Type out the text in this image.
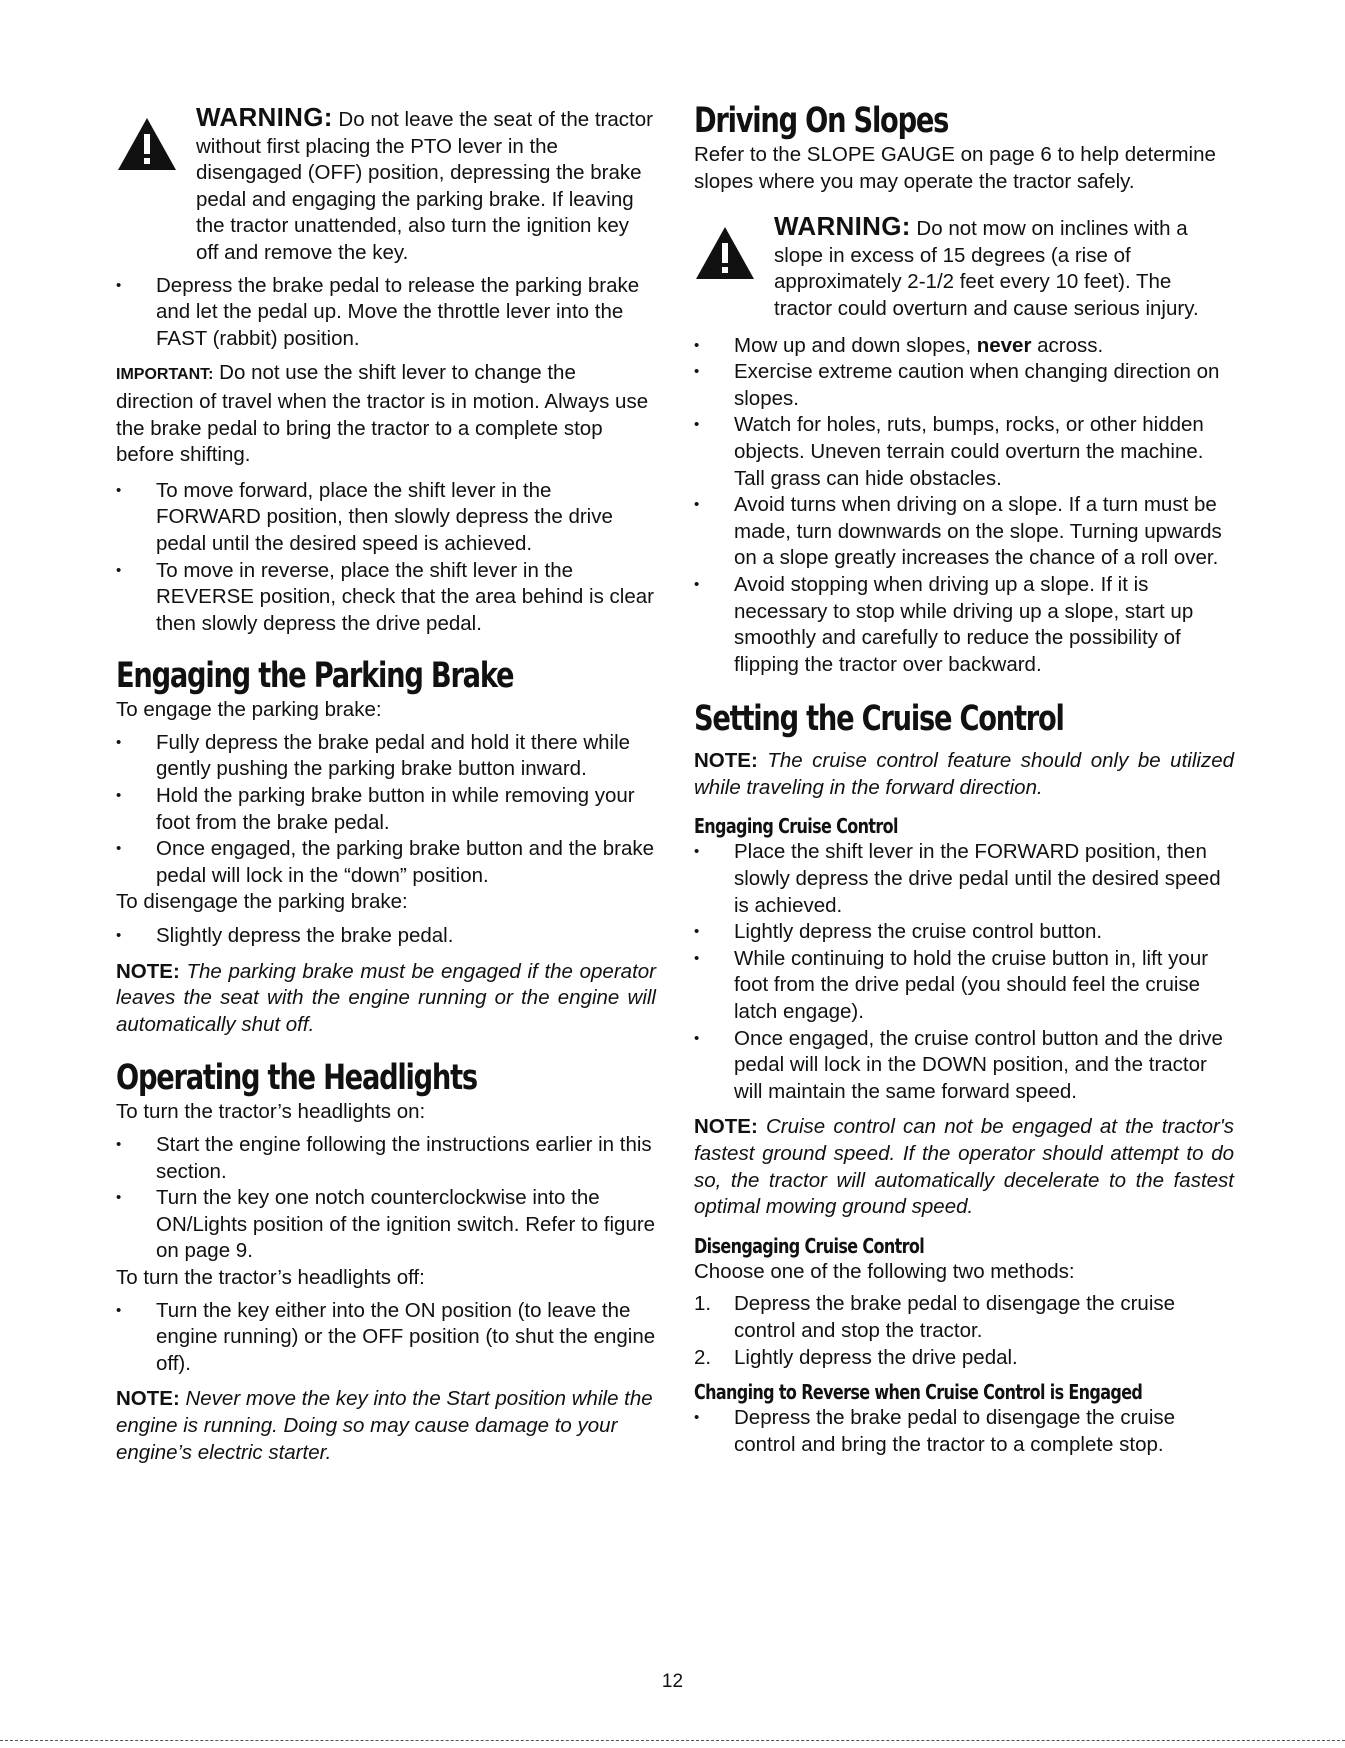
WARNING: Do not leave the seat of the tractor without first placing the PTO lever in the disengaged (OFF) position, depressing the brake pedal and engaging the parking brake. If leaving the tractor unattended, also turn the ignition key off and remove the key.

• Depress the brake pedal to release the parking brake and let the pedal up. Move the throttle lever into the FAST (rabbit) position.

IMPORTANT: Do not use the shift lever to change the direction of travel when the tractor is in motion. Always use the brake pedal to bring the tractor to a complete stop before shifting.

• To move forward, place the shift lever in the FORWARD position, then slowly depress the drive pedal until the desired speed is achieved.
• To move in reverse, place the shift lever in the REVERSE position, check that the area behind is clear then slowly depress the drive pedal.
Engaging the Parking Brake

To engage the parking brake:

• Fully depress the brake pedal and hold it there while gently pushing the parking brake button inward.
• Hold the parking brake button in while removing your foot from the brake pedal.
• Once engaged, the parking brake button and the brake pedal will lock in the “down” position.

To disengage the parking brake:

• Slightly depress the brake pedal.

NOTE: The parking brake must be engaged if the operator leaves the seat with the engine running or the engine will automatically shut off.

Operating the Headlights

To turn the tractor’s headlights on:

• Start the engine following the instructions earlier in this section.
• Turn the key one notch counterclockwise into the ON/Lights position of the ignition switch. Refer to figure on page 9.

To turn the tractor’s headlights off:

• Turn the key either into the ON position (to leave the engine running) or the OFF position (to shut the engine off).

NOTE: Never move the key into the Start position while the engine is running. Doing so may cause damage to your engine’s electric starter.

Driving On Slopes

Refer to the SLOPE GAUGE on page 6 to help determine slopes where you may operate the tractor safely.

WARNING: Do not mow on inclines with a slope in excess of 15 degrees (a rise of approximately 2-1/2 feet every 10 feet). The tractor could overturn and cause serious injury.

• Mow up and down slopes, never across.
• Exercise extreme caution when changing direction on slopes.
• Watch for holes, ruts, bumps, rocks, or other hidden objects. Uneven terrain could overturn the machine. Tall grass can hide obstacles.
• Avoid turns when driving on a slope. If a turn must be made, turn downwards on the slope. Turning upwards on a slope greatly increases the chance of a roll over.
• Avoid stopping when driving up a slope. If it is necessary to stop while driving up a slope, start up smoothly and carefully to reduce the possibility of flipping the tractor over backward.
Setting the Cruise Control

NOTE: The cruise control feature should only be utilized while traveling in the forward direction.

Engaging Cruise Control
• Place the shift lever in the FORWARD position, then slowly depress the drive pedal until the desired speed is achieved.
• Lightly depress the cruise control button.
• While continuing to hold the cruise button in, lift your foot from the drive pedal (you should feel the cruise latch engage).
• Once engaged, the cruise control button and the drive pedal will lock in the DOWN position, and the tractor will maintain the same forward speed.

NOTE: Cruise control can not be engaged at the tractor's fastest ground speed. If the operator should attempt to do so, the tractor will automatically decelerate to the fastest optimal mowing ground speed.

Disengaging Cruise Control

Choose one of the following two methods:

1. Depress the brake pedal to disengage the cruise control and stop the tractor.
2. Lightly depress the drive pedal.
Changing to Reverse when Cruise Control is Engaged
• Depress the brake pedal to disengage the cruise control and bring the tractor to a complete stop.
12
